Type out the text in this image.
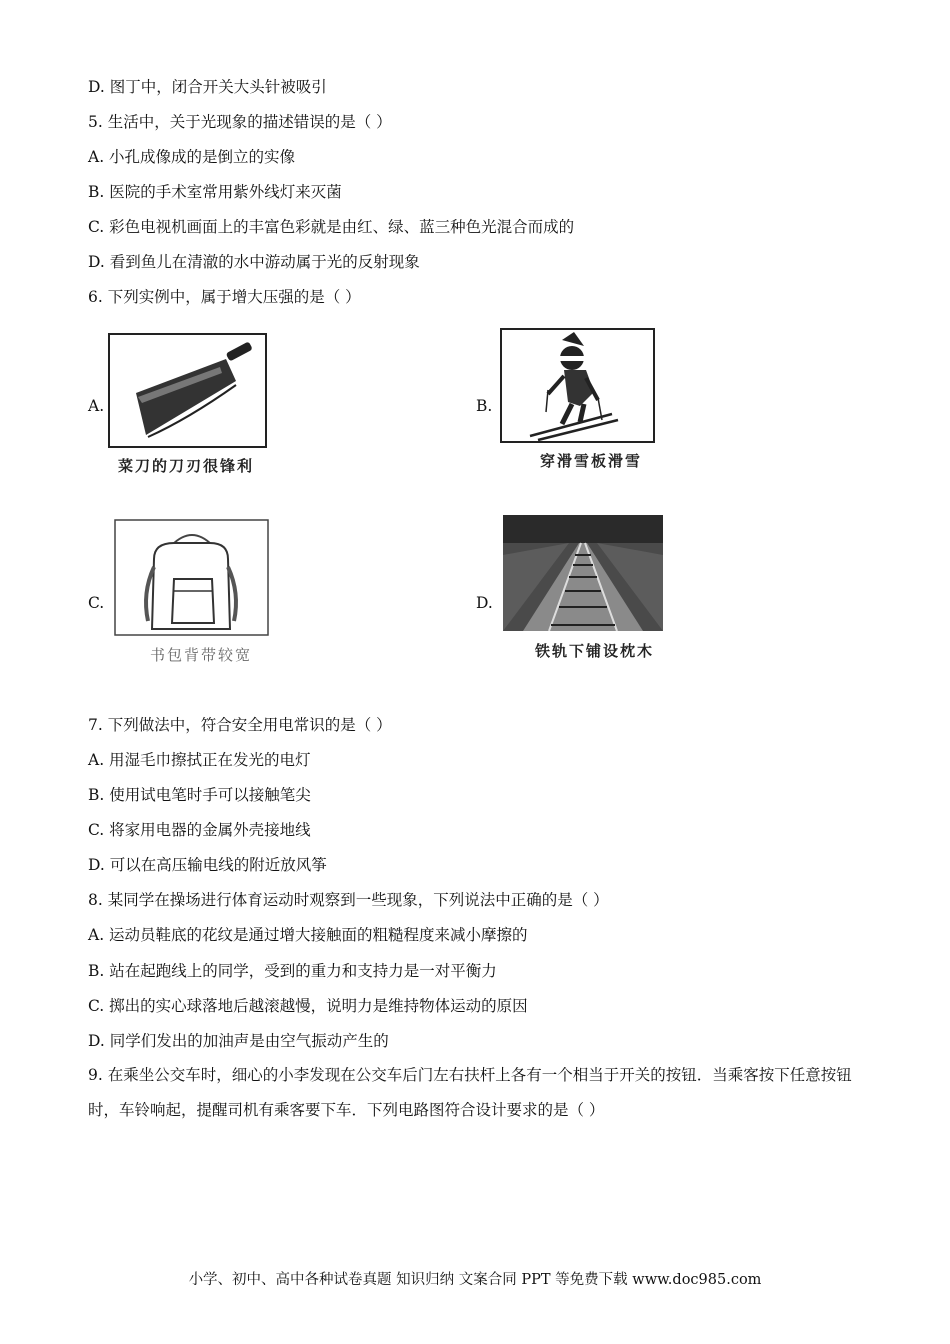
D. 图丁中，闭合开关大头针被吸引
5. 生活中，关于光现象的描述错误的是（ ）
A. 小孔成像成的是倒立的实像
B. 医院的手术室常用紫外线灯来灭菌
C. 彩色电视机画面上的丰富色彩就是由红、绿、蓝三种色光混合而成的
D. 看到鱼儿在清澈的水中游动属于光的反射现象
6. 下列实例中，属于增大压强的是（ ）
A.
菜刀的刀刃很锋利
B.
穿滑雪板滑雪
C.
书包背带较宽
D.
铁轨下铺设枕木
7. 下列做法中，符合安全用电常识的是（ ）
A. 用湿毛巾擦拭正在发光的电灯
B. 使用试电笔时手可以接触笔尖
C. 将家用电器的金属外壳接地线
D. 可以在高压输电线的附近放风筝
8. 某同学在操场进行体育运动时观察到一些现象，下列说法中正确的是（ ）
A. 运动员鞋底的花纹是通过增大接触面的粗糙程度来减小摩擦的
B. 站在起跑线上的同学，受到的重力和支持力是一对平衡力
C. 掷出的实心球落地后越滚越慢，说明力是维持物体运动的原因
D. 同学们发出的加油声是由空气振动产生的
9. 在乘坐公交车时，细心的小李发现在公交车后门左右扶杆上各有一个相当于开关的按钮．当乘客按下任意按钮时，车铃响起，提醒司机有乘客要下车．下列电路图符合设计要求的是（ ）
小学、初中、高中各种试卷真题 知识归纳 文案合同 PPT 等免费下载 www.doc985.com
